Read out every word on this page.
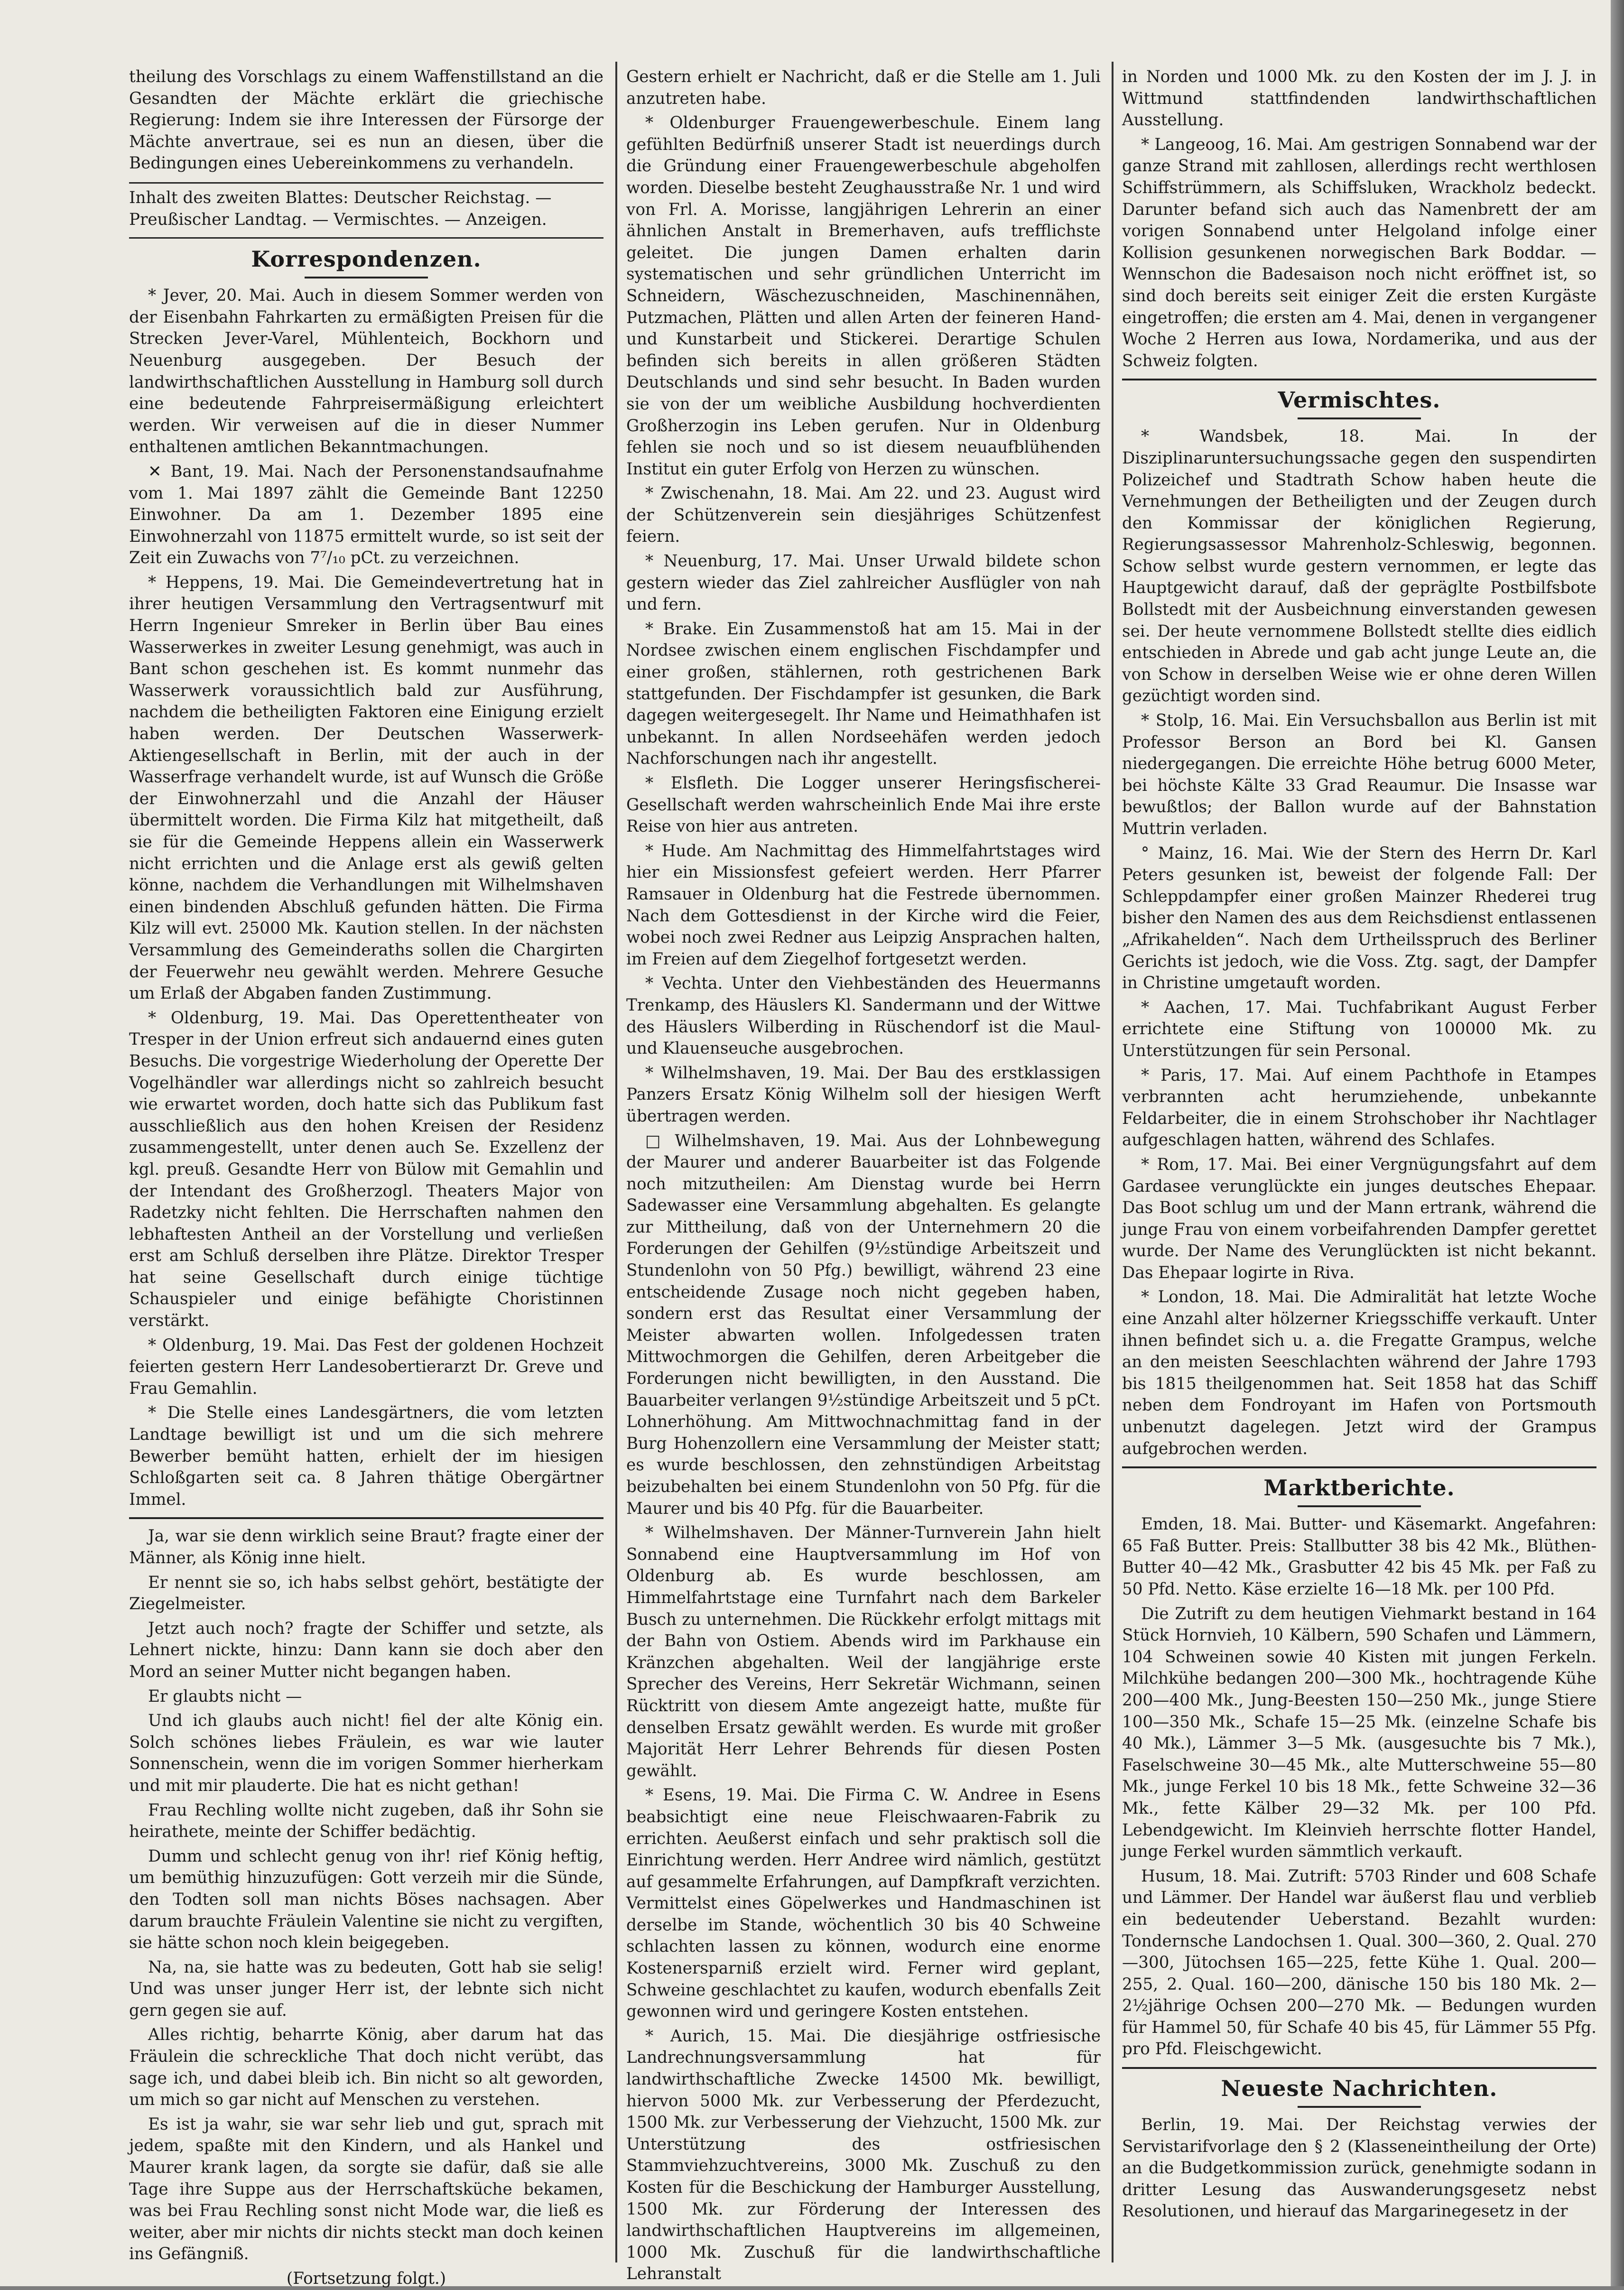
theilung des Vorschlags zu einem Waffenstillstand an die Gesandten der Mächte erklärt die griechische Regierung: Indem sie ihre Interessen der Fürsorge der Mächte anvertraue, sei es nun an diesen, über die Bedingungen eines Uebereinkommens zu verhandeln.

Inhalt des zweiten Blattes: Deutscher Reichstag. — Preußischer Landtag. — Vermischtes. — Anzeigen.

Korrespondenzen.

* Jever, 20. Mai. Auch in diesem Sommer werden von der Eisenbahn Fahrkarten zu ermäßigten Preisen für die Strecken Jever-Varel, Mühlenteich, Bockhorn und Neuenburg ausgegeben. Der Besuch der landwirthschaftlichen Ausstellung in Hamburg soll durch eine bedeutende Fahrpreisermäßigung erleichtert werden. Wir verweisen auf die in dieser Nummer enthaltenen amtlichen Bekanntmachungen.

✕ Bant, 19. Mai. Nach der Personenstandsaufnahme vom 1. Mai 1897 zählt die Gemeinde Bant 12250 Einwohner. Da am 1. Dezember 1895 eine Einwohnerzahl von 11875 ermittelt wurde, so ist seit der Zeit ein Zuwachs von 7⁷/₁₀ pCt. zu verzeichnen.

* Heppens, 19. Mai. Die Gemeindevertretung hat in ihrer heutigen Versammlung den Vertragsentwurf mit Herrn Ingenieur Smreker in Berlin über Bau eines Wasserwerkes in zweiter Lesung genehmigt, was auch in Bant schon geschehen ist. Es kommt nunmehr das Wasserwerk voraussichtlich bald zur Ausführung, nachdem die betheiligten Faktoren eine Einigung erzielt haben werden. Der Deutschen Wasserwerk-Aktiengesellschaft in Berlin, mit der auch in der Wasserfrage verhandelt wurde, ist auf Wunsch die Größe der Einwohnerzahl und die Anzahl der Häuser übermittelt worden. Die Firma Kilz hat mitgetheilt, daß sie für die Gemeinde Heppens allein ein Wasserwerk nicht errichten und die Anlage erst als gewiß gelten könne, nachdem die Verhandlungen mit Wilhelmshaven einen bindenden Abschluß gefunden hätten. Die Firma Kilz will evt. 25000 Mk. Kaution stellen. In der nächsten Versammlung des Gemeinderaths sollen die Chargirten der Feuerwehr neu gewählt werden. Mehrere Gesuche um Erlaß der Abgaben fanden Zustimmung.

* Oldenburg, 19. Mai. Das Operettentheater von Tresper in der Union erfreut sich andauernd eines guten Besuchs. Die vorgestrige Wiederholung der Operette Der Vogelhändler war allerdings nicht so zahlreich besucht wie erwartet worden, doch hatte sich das Publikum fast ausschließlich aus den hohen Kreisen der Residenz zusammengestellt, unter denen auch Se. Exzellenz der kgl. preuß. Gesandte Herr von Bülow mit Gemahlin und der Intendant des Großherzogl. Theaters Major von Radetzky nicht fehlten. Die Herrschaften nahmen den lebhaftesten Antheil an der Vorstellung und verließen erst am Schluß derselben ihre Plätze. Direktor Tresper hat seine Gesellschaft durch einige tüchtige Schauspieler und einige befähigte Choristinnen verstärkt.

* Oldenburg, 19. Mai. Das Fest der goldenen Hochzeit feierten gestern Herr Landesobertierarzt Dr. Greve und Frau Gemahlin.

* Die Stelle eines Landesgärtners, die vom letzten Landtage bewilligt ist und um die sich mehrere Bewerber bemüht hatten, erhielt der im hiesigen Schloßgarten seit ca. 8 Jahren thätige Obergärtner Immel.

Ja, war sie denn wirklich seine Braut? fragte einer der Männer, als König inne hielt.

Er nennt sie so, ich habs selbst gehört, bestätigte der Ziegelmeister.

Jetzt auch noch? fragte der Schiffer und setzte, als Lehnert nickte, hinzu: Dann kann sie doch aber den Mord an seiner Mutter nicht begangen haben.

Er glaubts nicht —

Und ich glaubs auch nicht! fiel der alte König ein. Solch schönes liebes Fräulein, es war wie lauter Sonnenschein, wenn die im vorigen Sommer hierherkam und mit mir plauderte. Die hat es nicht gethan!

Frau Rechling wollte nicht zugeben, daß ihr Sohn sie heirathete, meinte der Schiffer bedächtig.

Dumm und schlecht genug von ihr! rief König heftig, um bemüthig hinzuzufügen: Gott verzeih mir die Sünde, den Todten soll man nichts Böses nachsagen. Aber darum brauchte Fräulein Valentine sie nicht zu vergiften, sie hätte schon noch klein beigegeben.

Na, na, sie hatte was zu bedeuten, Gott hab sie selig! Und was unser junger Herr ist, der lebnte sich nicht gern gegen sie auf.

Alles richtig, beharrte König, aber darum hat das Fräulein die schreckliche That doch nicht verübt, das sage ich, und dabei bleib ich. Bin nicht so alt geworden, um mich so gar nicht auf Menschen zu verstehen.

Es ist ja wahr, sie war sehr lieb und gut, sprach mit jedem, spaßte mit den Kindern, und als Hankel und Maurer krank lagen, da sorgte sie dafür, daß sie alle Tage ihre Suppe aus der Herrschaftsküche bekamen, was bei Frau Rechling sonst nicht Mode war, die ließ es weiter, aber mir nichts dir nichts steckt man doch keinen ins Gefängniß.

(Fortsetzung folgt.)

Gestern erhielt er Nachricht, daß er die Stelle am 1. Juli anzutreten habe.

* Oldenburger Frauengewerbeschule. Einem lang gefühlten Bedürfniß unserer Stadt ist neuerdings durch die Gründung einer Frauengewerbeschule abgeholfen worden. Dieselbe besteht Zeughausstraße Nr. 1 und wird von Frl. A. Morisse, langjährigen Lehrerin an einer ähnlichen Anstalt in Bremerhaven, aufs trefflichste geleitet. Die jungen Damen erhalten darin systematischen und sehr gründlichen Unterricht im Schneidern, Wäschezuschneiden, Maschinennähen, Putzmachen, Plätten und allen Arten der feineren Hand- und Kunstarbeit und Stickerei. Derartige Schulen befinden sich bereits in allen größeren Städten Deutschlands und sind sehr besucht. In Baden wurden sie von der um weibliche Ausbildung hochverdienten Großherzogin ins Leben gerufen. Nur in Oldenburg fehlen sie noch und so ist diesem neuaufblühenden Institut ein guter Erfolg von Herzen zu wünschen.

* Zwischenahn, 18. Mai. Am 22. und 23. August wird der Schützenverein sein diesjähriges Schützenfest feiern.

* Neuenburg, 17. Mai. Unser Urwald bildete schon gestern wieder das Ziel zahlreicher Ausflügler von nah und fern.

* Brake. Ein Zusammenstoß hat am 15. Mai in der Nordsee zwischen einem englischen Fischdampfer und einer großen, stählernen, roth gestrichenen Bark stattgefunden. Der Fischdampfer ist gesunken, die Bark dagegen weitergesegelt. Ihr Name und Heimathhafen ist unbekannt. In allen Nordseehäfen werden jedoch Nachforschungen nach ihr angestellt.

* Elsfleth. Die Logger unserer Heringsfischerei-Gesellschaft werden wahrscheinlich Ende Mai ihre erste Reise von hier aus antreten.

* Hude. Am Nachmittag des Himmelfahrtstages wird hier ein Missionsfest gefeiert werden. Herr Pfarrer Ramsauer in Oldenburg hat die Festrede übernommen. Nach dem Gottesdienst in der Kirche wird die Feier, wobei noch zwei Redner aus Leipzig Ansprachen halten, im Freien auf dem Ziegelhof fortgesetzt werden.

* Vechta. Unter den Viehbeständen des Heuermanns Trenkamp, des Häuslers Kl. Sandermann und der Wittwe des Häuslers Wilberding in Rüschendorf ist die Maul- und Klauenseuche ausgebrochen.

* Wilhelmshaven, 19. Mai. Der Bau des erstklassigen Panzers Ersatz König Wilhelm soll der hiesigen Werft übertragen werden.

□ Wilhelmshaven, 19. Mai. Aus der Lohnbewegung der Maurer und anderer Bauarbeiter ist das Folgende noch mitzutheilen: Am Dienstag wurde bei Herrn Sadewasser eine Versammlung abgehalten. Es gelangte zur Mittheilung, daß von der Unternehmern 20 die Forderungen der Gehilfen (9½stündige Arbeitszeit und Stundenlohn von 50 Pfg.) bewilligt, während 23 eine entscheidende Zusage noch nicht gegeben haben, sondern erst das Resultat einer Versammlung der Meister abwarten wollen. Infolgedessen traten Mittwochmorgen die Gehilfen, deren Arbeitgeber die Forderungen nicht bewilligten, in den Ausstand. Die Bauarbeiter verlangen 9½stündige Arbeitszeit und 5 pCt. Lohnerhöhung. Am Mittwochnachmittag fand in der Burg Hohenzollern eine Versammlung der Meister statt; es wurde beschlossen, den zehnstündigen Arbeitstag beizubehalten bei einem Stundenlohn von 50 Pfg. für die Maurer und bis 40 Pfg. für die Bauarbeiter.

* Wilhelmshaven. Der Männer-Turnverein Jahn hielt Sonnabend eine Hauptversammlung im Hof von Oldenburg ab. Es wurde beschlossen, am Himmelfahrtstage eine Turnfahrt nach dem Barkeler Busch zu unternehmen. Die Rückkehr erfolgt mittags mit der Bahn von Ostiem. Abends wird im Parkhause ein Kränzchen abgehalten. Weil der langjährige erste Sprecher des Vereins, Herr Sekretär Wichmann, seinen Rücktritt von diesem Amte angezeigt hatte, mußte für denselben Ersatz gewählt werden. Es wurde mit großer Majorität Herr Lehrer Behrends für diesen Posten gewählt.

* Esens, 19. Mai. Die Firma C. W. Andree in Esens beabsichtigt eine neue Fleischwaaren-Fabrik zu errichten. Aeußerst einfach und sehr praktisch soll die Einrichtung werden. Herr Andree wird nämlich, gestützt auf gesammelte Erfahrungen, auf Dampfkraft verzichten. Vermittelst eines Göpelwerkes und Handmaschinen ist derselbe im Stande, wöchentlich 30 bis 40 Schweine schlachten lassen zu können, wodurch eine enorme Kostenersparniß erzielt wird. Ferner wird geplant, Schweine geschlachtet zu kaufen, wodurch ebenfalls Zeit gewonnen wird und geringere Kosten entstehen.

* Aurich, 15. Mai. Die diesjährige ostfriesische Landrechnungsversammlung hat für landwirthschaftliche Zwecke 14500 Mk. bewilligt, hiervon 5000 Mk. zur Verbesserung der Pferdezucht, 1500 Mk. zur Verbesserung der Viehzucht, 1500 Mk. zur Unterstützung des ostfriesischen Stammviehzuchtvereins, 3000 Mk. Zuschuß zu den Kosten für die Beschickung der Hamburger Ausstellung, 1500 Mk. zur Förderung der Interessen des landwirthschaftlichen Hauptvereins im allgemeinen, 1000 Mk. Zuschuß für die landwirthschaftliche Lehranstalt

in Norden und 1000 Mk. zu den Kosten der im J. J. in Wittmund stattfindenden landwirthschaftlichen Ausstellung.

* Langeoog, 16. Mai. Am gestrigen Sonnabend war der ganze Strand mit zahllosen, allerdings recht werthlosen Schiffstrümmern, als Schiffsluken, Wrackholz bedeckt. Darunter befand sich auch das Namenbrett der am vorigen Sonnabend unter Helgoland infolge einer Kollision gesunkenen norwegischen Bark Boddar. — Wennschon die Badesaison noch nicht eröffnet ist, so sind doch bereits seit einiger Zeit die ersten Kurgäste eingetroffen; die ersten am 4. Mai, denen in vergangener Woche 2 Herren aus Iowa, Nordamerika, und aus der Schweiz folgten.

Vermischtes.

* Wandsbek, 18. Mai. In der Disziplinaruntersuchungssache gegen den suspendirten Polizeichef und Stadtrath Schow haben heute die Vernehmungen der Betheiligten und der Zeugen durch den Kommissar der königlichen Regierung, Regierungsassessor Mahrenholz-Schleswig, begonnen. Schow selbst wurde gestern vernommen, er legte das Hauptgewicht darauf, daß der gepräglte Postbilfsbote Bollstedt mit der Ausbeichnung einverstanden gewesen sei. Der heute vernommene Bollstedt stellte dies eidlich entschieden in Abrede und gab acht junge Leute an, die von Schow in derselben Weise wie er ohne deren Willen gezüchtigt worden sind.

* Stolp, 16. Mai. Ein Versuchsballon aus Berlin ist mit Professor Berson an Bord bei Kl. Gansen niedergegangen. Die erreichte Höhe betrug 6000 Meter, bei höchste Kälte 33 Grad Reaumur. Die Insasse war bewußtlos; der Ballon wurde auf der Bahnstation Muttrin verladen.

° Mainz, 16. Mai. Wie der Stern des Herrn Dr. Karl Peters gesunken ist, beweist der folgende Fall: Der Schleppdampfer einer großen Mainzer Rhederei trug bisher den Namen des aus dem Reichsdienst entlassenen „Afrikahelden“. Nach dem Urtheilsspruch des Berliner Gerichts ist jedoch, wie die Voss. Ztg. sagt, der Dampfer in Christine umgetauft worden.

* Aachen, 17. Mai. Tuchfabrikant August Ferber errichtete eine Stiftung von 100000 Mk. zu Unterstützungen für sein Personal.

* Paris, 17. Mai. Auf einem Pachthofe in Etampes verbrannten acht herumziehende, unbekannte Feldarbeiter, die in einem Strohschober ihr Nachtlager aufgeschlagen hatten, während des Schlafes.

* Rom, 17. Mai. Bei einer Vergnügungsfahrt auf dem Gardasee verunglückte ein junges deutsches Ehepaar. Das Boot schlug um und der Mann ertrank, während die junge Frau von einem vorbeifahrenden Dampfer gerettet wurde. Der Name des Verunglückten ist nicht bekannt. Das Ehepaar logirte in Riva.

* London, 18. Mai. Die Admiralität hat letzte Woche eine Anzahl alter hölzerner Kriegsschiffe verkauft. Unter ihnen befindet sich u. a. die Fregatte Grampus, welche an den meisten Seeschlachten während der Jahre 1793 bis 1815 theilgenommen hat. Seit 1858 hat das Schiff neben dem Fondroyant im Hafen von Portsmouth unbenutzt dagelegen. Jetzt wird der Grampus aufgebrochen werden.

Marktberichte.

Emden, 18. Mai. Butter- und Käsemarkt. Angefahren: 65 Faß Butter. Preis: Stallbutter 38 bis 42 Mk., Blüthen-Butter 40—42 Mk., Grasbutter 42 bis 45 Mk. per Faß zu 50 Pfd. Netto. Käse erzielte 16—18 Mk. per 100 Pfd.

Die Zutrift zu dem heutigen Viehmarkt bestand in 164 Stück Hornvieh, 10 Kälbern, 590 Schafen und Lämmern, 104 Schweinen sowie 40 Kisten mit jungen Ferkeln. Milchkühe bedangen 200—300 Mk., hochtragende Kühe 200—400 Mk., Jung-Beesten 150—250 Mk., junge Stiere 100—350 Mk., Schafe 15—25 Mk. (einzelne Schafe bis 40 Mk.), Lämmer 3—5 Mk. (ausgesuchte bis 7 Mk.), Faselschweine 30—45 Mk., alte Mutterschweine 55—80 Mk., junge Ferkel 10 bis 18 Mk., fette Schweine 32—36 Mk., fette Kälber 29—32 Mk. per 100 Pfd. Lebendgewicht. Im Kleinvieh herrschte flotter Handel, junge Ferkel wurden sämmtlich verkauft.

Husum, 18. Mai. Zutrift: 5703 Rinder und 608 Schafe und Lämmer. Der Handel war äußerst flau und verblieb ein bedeutender Ueberstand. Bezahlt wurden: Tondernsche Landochsen 1. Qual. 300—360, 2. Qual. 270—300, Jütochsen 165—225, fette Kühe 1. Qual. 200—255, 2. Qual. 160—200, dänische 150 bis 180 Mk. 2—2½jährige Ochsen 200—270 Mk. — Bedungen wurden für Hammel 50, für Schafe 40 bis 45, für Lämmer 55 Pfg. pro Pfd. Fleischgewicht.

Neueste Nachrichten.

Berlin, 19. Mai. Der Reichstag verwies der Servistarifvorlage den § 2 (Klasseneintheilung der Orte) an die Budgetkommission zurück, genehmigte sodann in dritter Lesung das Auswanderungsgesetz nebst Resolutionen, und hierauf das Margarinegesetz in der
